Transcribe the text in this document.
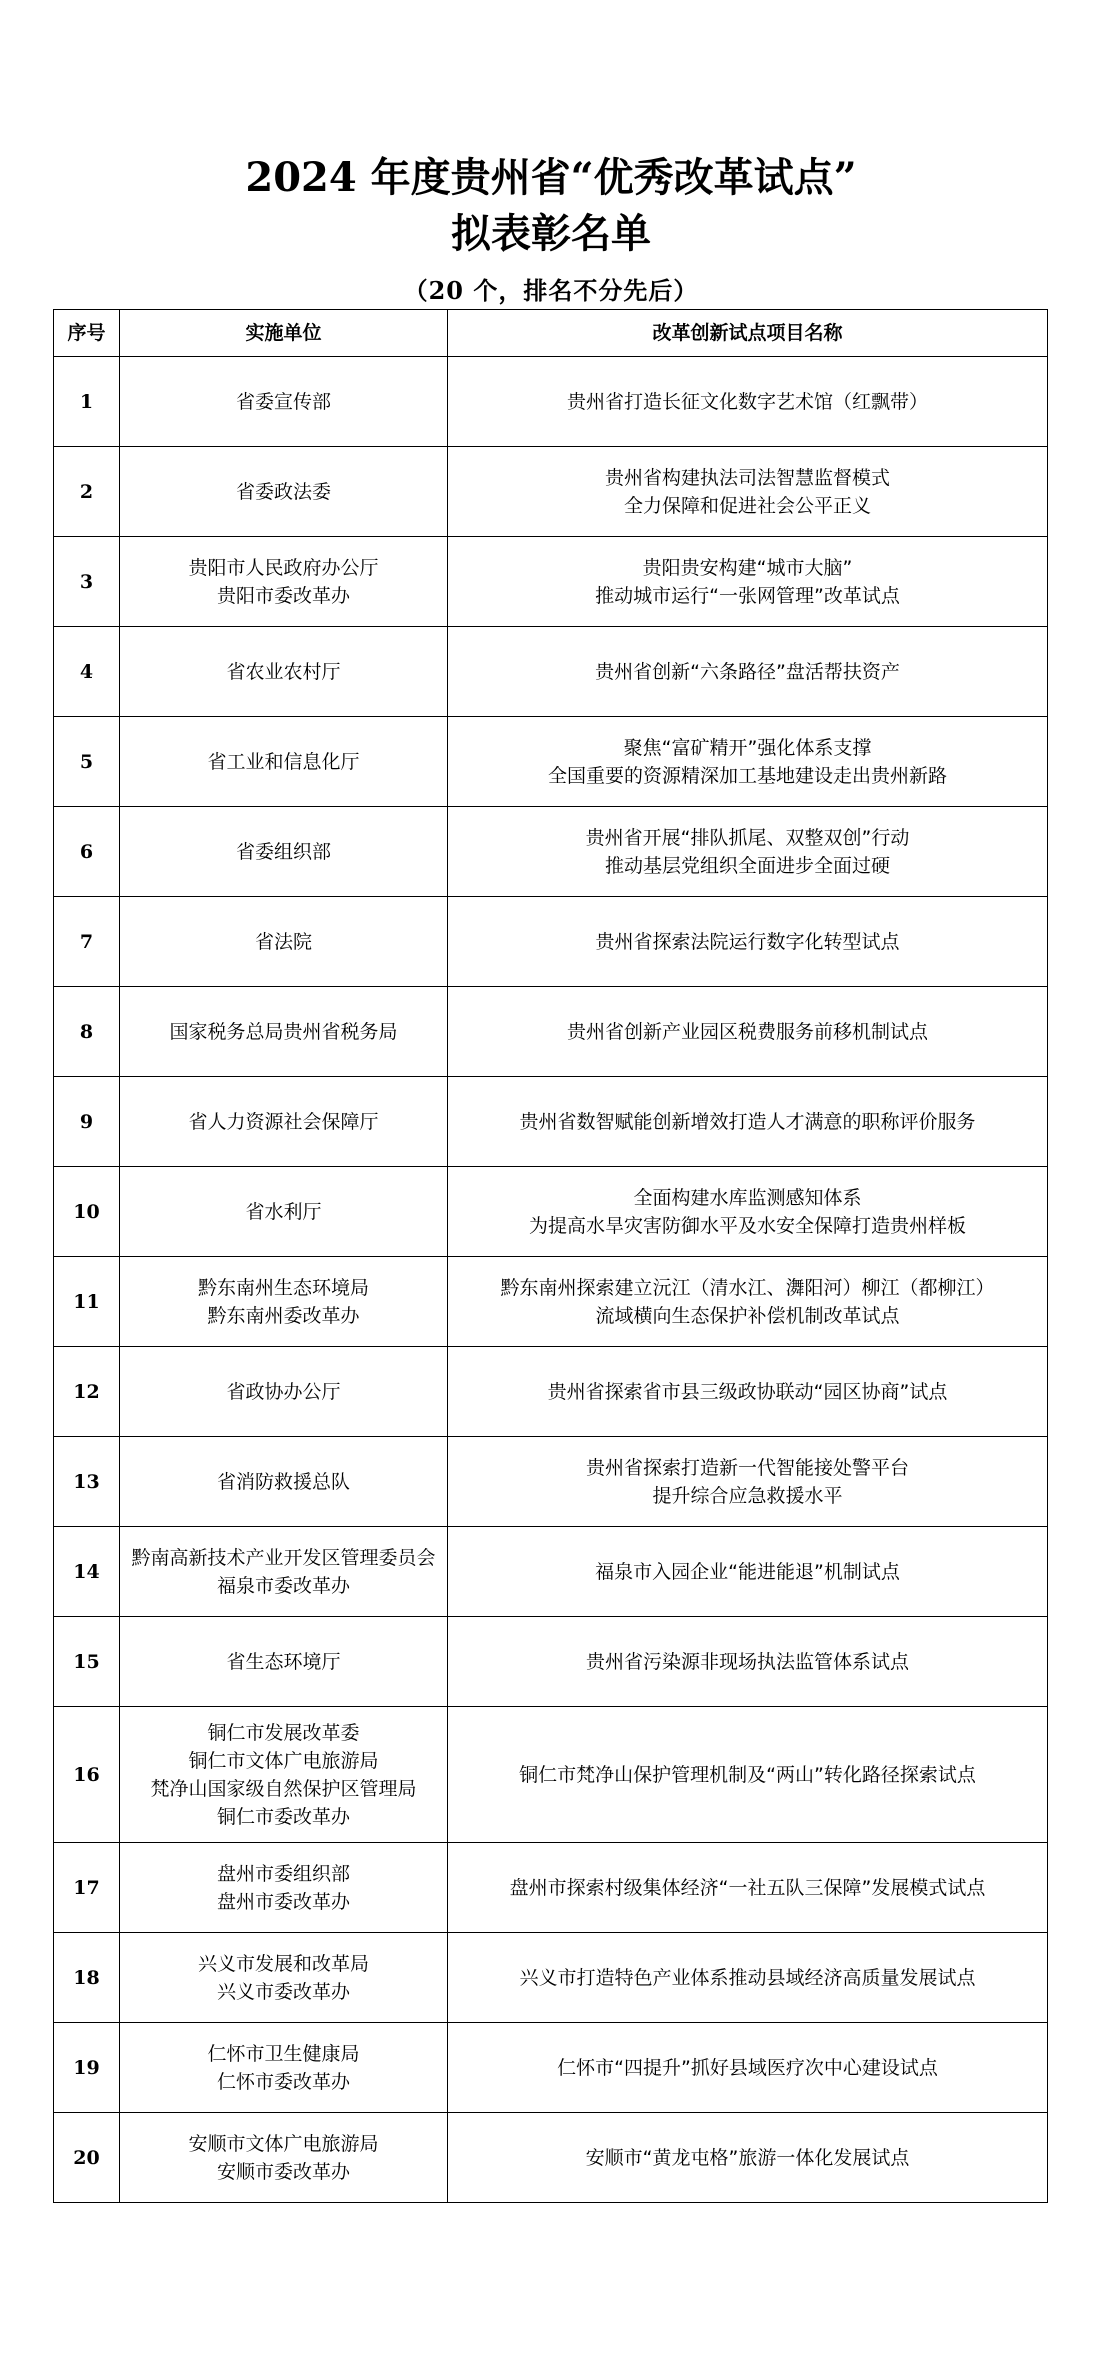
2024 年度贵州省“优秀改革试点”
拟表彰名单
（20 个，排名不分先后）
序号	实施单位	改革创新试点项目名称
1	省委宣传部	贵州省打造长征文化数字艺术馆（红飘带）

2	省委政法委	贵州省构建执法司法智慧监督模式
全力保障和促进社会公平正义

3	贵阳市人民政府办公厅
贵阳市委改革办	贵阳贵安构建“城市大脑”
推动城市运行“一张网管理”改革试点

4	省农业农村厅	贵州省创新“六条路径”盘活帮扶资产

5	省工业和信息化厅	聚焦“富矿精开”强化体系支撑
全国重要的资源精深加工基地建设走出贵州新路

6	省委组织部	贵州省开展“排队抓尾、双整双创”行动
推动基层党组织全面进步全面过硬

7	省法院	贵州省探索法院运行数字化转型试点

8	国家税务总局贵州省税务局	贵州省创新产业园区税费服务前移机制试点

9	省人力资源社会保障厅	贵州省数智赋能创新增效打造人才满意的职称评价服务

10	省水利厅	全面构建水库监测感知体系
为提高水旱灾害防御水平及水安全保障打造贵州样板

11	黔东南州生态环境局
黔东南州委改革办	黔东南州探索建立沅江（清水江、㵲阳河）柳江（都柳江）
流域横向生态保护补偿机制改革试点

12	省政协办公厅	贵州省探索省市县三级政协联动“园区协商”试点

13	省消防救援总队	贵州省探索打造新一代智能接处警平台
提升综合应急救援水平

14	黔南高新技术产业开发区管理委员会
福泉市委改革办	福泉市入园企业“能进能退”机制试点

15	省生态环境厅	贵州省污染源非现场执法监管体系试点

16	铜仁市发展改革委
铜仁市文体广电旅游局
梵净山国家级自然保护区管理局
铜仁市委改革办	铜仁市梵净山保护管理机制及“两山”转化路径探索试点

17	盘州市委组织部
盘州市委改革办	盘州市探索村级集体经济“一社五队三保障”发展模式试点

18	兴义市发展和改革局
兴义市委改革办	兴义市打造特色产业体系推动县域经济高质量发展试点

19	仁怀市卫生健康局
仁怀市委改革办	仁怀市“四提升”抓好县域医疗次中心建设试点

20	安顺市文体广电旅游局
安顺市委改革办	安顺市“黄龙屯格”旅游一体化发展试点
